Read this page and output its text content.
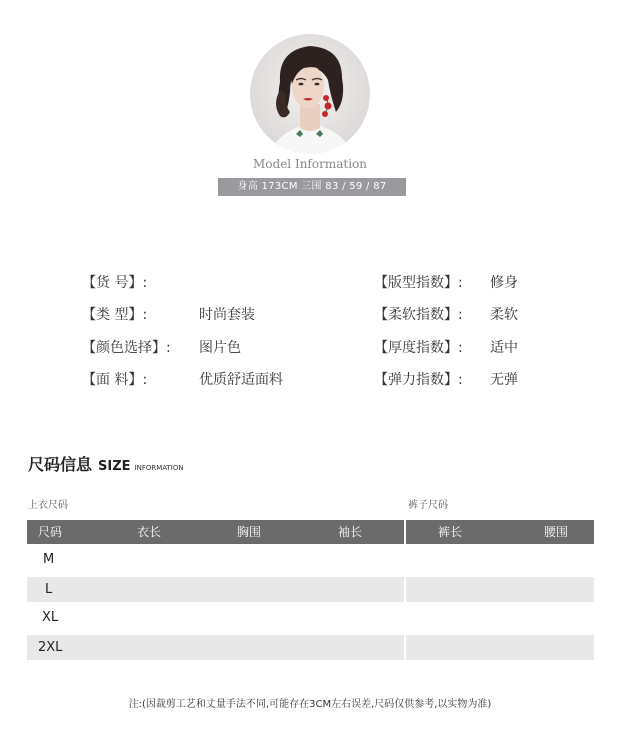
Model Information
身高 173CM 三围 83 / 59 / 87
【货 号】:
【类 型】:	时尚套装
【颜色选择】: 图片色
【面 料】:	优质舒适面料
【版型指数】: 修身
【柔软指数】: 柔软
【厚度指数】: 适中
【弹力指数】: 无弹
尺码信息 SIZE INFORMATION
上衣尺码	裤子尺码
尺码	衣长	胸围	袖长	裤长	腰围
M
L
XL
2XL
注:(因裁剪工艺和丈量手法不同,可能存在3CM左右误差,尺码仅供参考,以实物为准)
